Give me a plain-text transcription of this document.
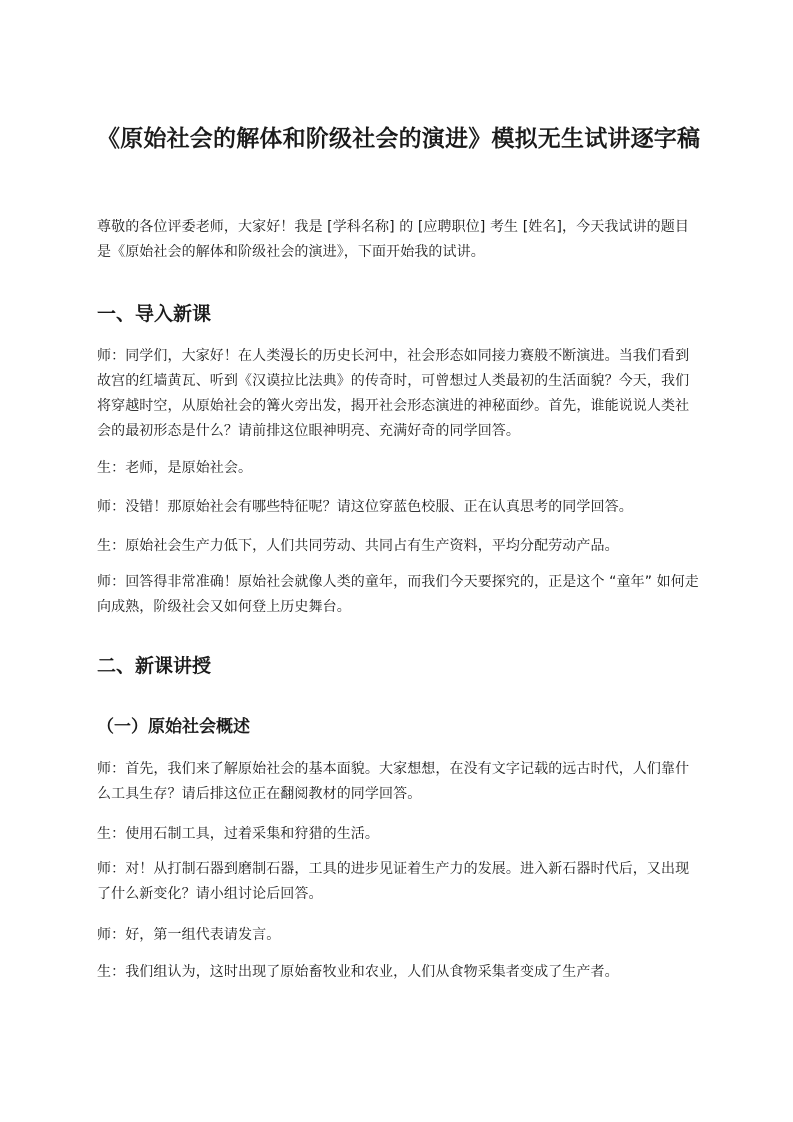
《原始社会的解体和阶级社会的演进》模拟无生试讲逐字稿

尊敬的各位评委老师，大家好！我是 [学科名称] 的 [应聘职位] 考生 [姓名]，今天我试讲的题目是《原始社会的解体和阶级社会的演进》，下面开始我的试讲。

一、导入新课

师：同学们，大家好！在人类漫长的历史长河中，社会形态如同接力赛般不断演进。当我们看到故宫的红墙黄瓦、听到《汉谟拉比法典》的传奇时，可曾想过人类最初的生活面貌？今天，我们将穿越时空，从原始社会的篝火旁出发，揭开社会形态演进的神秘面纱。首先，谁能说说人类社会的最初形态是什么？请前排这位眼神明亮、充满好奇的同学回答。

生：老师，是原始社会。

师：没错！那原始社会有哪些特征呢？请这位穿蓝色校服、正在认真思考的同学回答。

生：原始社会生产力低下，人们共同劳动、共同占有生产资料，平均分配劳动产品。

师：回答得非常准确！原始社会就像人类的童年，而我们今天要探究的，正是这个 “童年” 如何走向成熟，阶级社会又如何登上历史舞台。

二、新课讲授
（一）原始社会概述

师：首先，我们来了解原始社会的基本面貌。大家想想，在没有文字记载的远古时代，人们靠什么工具生存？请后排这位正在翻阅教材的同学回答。

生：使用石制工具，过着采集和狩猎的生活。

师：对！从打制石器到磨制石器，工具的进步见证着生产力的发展。进入新石器时代后，又出现了什么新变化？请小组讨论后回答。

师：好，第一组代表请发言。

生：我们组认为，这时出现了原始畜牧业和农业，人们从食物采集者变成了生产者。
